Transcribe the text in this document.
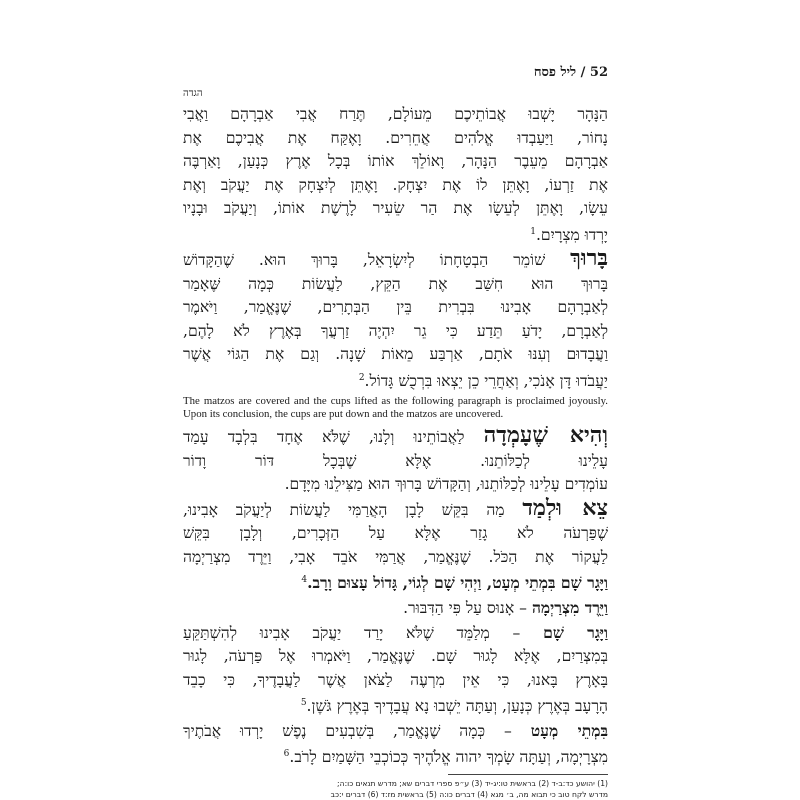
52 / ליל פסח
הגדה
הַנָּהָר יָשְׁבוּ אֲבוֹתֵיכֶם מֵעוֹלָם, תֶּרַח אֲבִי אַבְרָהָם וַאֲבִי
נָחוֹר, וַיַּעַבְדוּ אֱלֹהִים אֲחֵרִים. וָאֶקַּח אֶת אֲבִיכֶם אֶת
אַבְרָהָם מֵעֵבֶר הַנָּהָר, וָאוֹלֵךְ אוֹתוֹ בְּכָל אֶרֶץ כְּנָעַן, וָאַרְבֶּה
אֶת זַרְעוֹ, וָאֶתֵּן לוֹ אֶת יִצְחָק. וָאֶתֵּן לְיִצְחָק אֶת יַעֲקֹב וְאֶת
עֵשָׂו, וָאֶתֵּן לְעֵשָׂו אֶת הַר שֵׂעִיר לָרֶשֶׁת אוֹתוֹ, וְיַעֲקֹב וּבָנָיו
יָרְדוּ מִצְרָיִם.$^1$
בָּרוּךְ שׁוֹמֵר הַבְטָחָתוֹ לְיִשְׂרָאֵל, בָּרוּךְ הוּא. שֶׁהַקָּדוֹשׁ
בָּרוּךְ הוּא חִשַּׁב אֶת הַקֵּץ, לַעֲשׂוֹת כְּמָה שֶּׁאָמַר
לְאַבְרָהָם אָבִינוּ בִּבְרִית בֵּין הַבְּתָרִים, שֶׁנֶּאֱמַר, וַיֹּאמֶר
לְאַבְרָם, יָדֹעַ תֵּדַע כִּי גֵר יִהְיֶה זַרְעֲךָ בְּאֶרֶץ לֹא לָהֶם,
וַעֲבָדוּם וְעִנּוּ אֹתָם, אַרְבַּע מֵאוֹת שָׁנָה. וְגַם אֶת הַגּוֹי אֲשֶׁר
יַעֲבֹדוּ דָּן אָנֹכִי, וְאַחֲרֵי כֵן יֵצְאוּ בִּרְכֻשׁ גָּדוֹל.$^2$

The matzos are covered and the cups lifted as the following paragraph is proclaimed joyously. Upon its conclusion, the cups are put down and the matzos are uncovered.

וְהִיא שֶׁעָמְדָה לַאֲבוֹתֵינוּ וְלָנוּ, שֶׁלֹּא אֶחָד בִּלְבָד עָמַד
עָלֵינוּ לְכַלּוֹתֵנוּ. אֶלָּא שֶׁבְּכָל דּוֹר וָדוֹר
עוֹמְדִים עָלֵינוּ לְכַלּוֹתֵנוּ, וְהַקָּדוֹשׁ בָּרוּךְ הוּא מַצִּילֵנוּ מִיָּדָם.
צֵא וּלְמַד מַה בִּקֵּשׁ לָבָן הָאֲרַמִּי לַעֲשׂוֹת לְיַעֲקֹב אָבִינוּ,
שֶׁפַּרְעֹה לֹא גָזַר אֶלָּא עַל הַזְּכָרִים, וְלָבָן בִּקֵּשׁ
לַעֲקוֹר אֶת הַכֹּל. שֶׁנֶּאֱמַר, אֲרַמִּי אֹבֵד אָבִי, וַיֵּרֶד מִצְרַיְמָה
וַיָּגָר שָׁם בִּמְתֵי מְעָט, וַיְהִי שָׁם לְגוֹי, גָּדוֹל עָצוּם וָרָב.$^4$
וַיֵּרֶד מִצְרַיְמָה – אָנוּס עַל פִּי הַדִּבּוּר.
וַיָּגָר שָׁם – מְלַמֵּד שֶׁלֹּא יָרַד יַעֲקֹב אָבִינוּ לְהִשְׁתַּקֵּעַ
בְּמִצְרַיִם, אֶלָּא לָגוּר שָׁם. שֶׁנֶּאֱמַר, וַיֹּאמְרוּ אֶל פַּרְעֹה, לָגוּר
בָּאָרֶץ בָּאנוּ, כִּי אֵין מִרְעֶה לַצֹּאן אֲשֶׁר לַעֲבָדֶיךָ, כִּי כָבֵד
הָרָעָב בְּאֶרֶץ כְּנָעַן, וְעַתָּה יֵשְׁבוּ נָא עֲבָדֶיךָ בְּאֶרֶץ גֹּשֶׁן.$^5$
בִּמְתֵי מְעָט – כְּמָה שֶׁנֶּאֱמַר, בְּשִׁבְעִים נֶפֶשׁ יָרְדוּ אֲבֹתֶיךָ
מִצְרָיְמָה, וְעַתָּה שָׂמְךָ יהוה אֱלֹהֶיךָ כְּכוֹכְבֵי הַשָּׁמַיִם לָרֹב.$^6$
(1) יהושע כד:ב-ד (2) בראשית טו:יג-יד (3) ע״פ ספרי דברים שא; מדרש תנאים כו:ה;
מדרש לקח טוב כי תבוא מה, ב׳ מגא (4) דברים כו:ה (5) בראשית מז:ד (6) דברים י:כב
